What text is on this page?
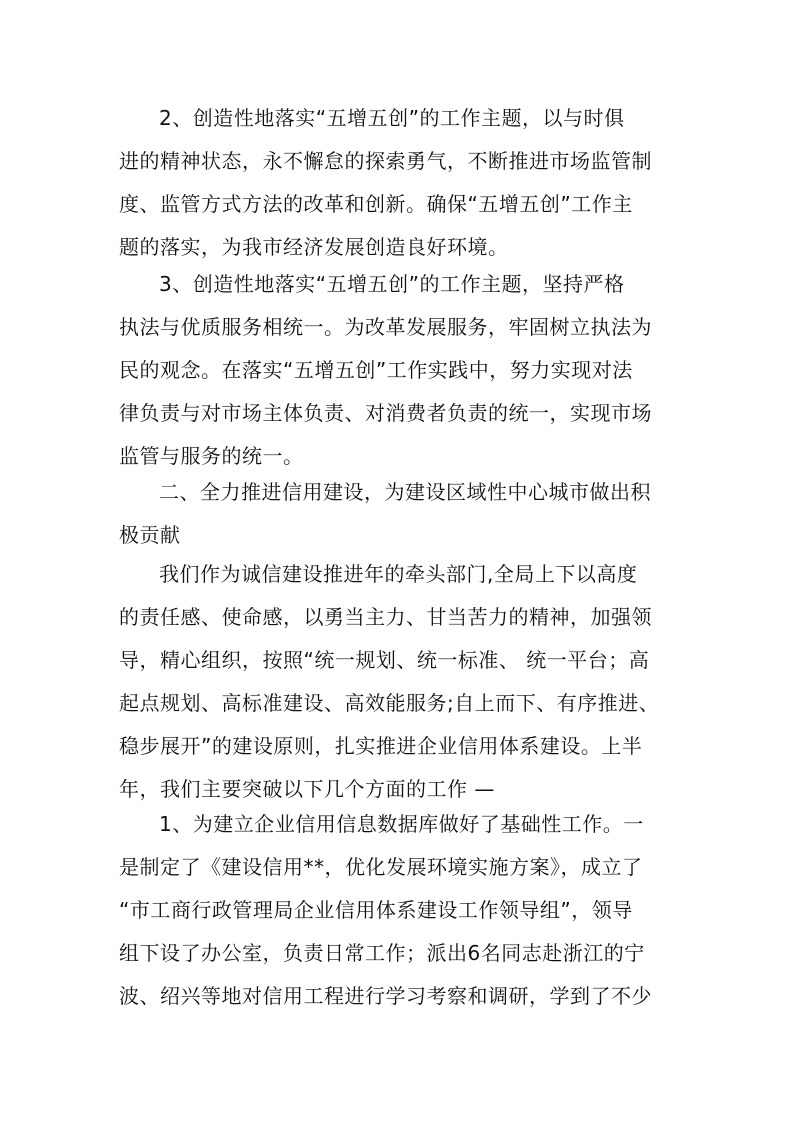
2、创造性地落实“五增五创”的工作主题，以与时俱
进的精神状态，永不懈怠的探索勇气，不断推进市场监管制
度、监管方式方法的改革和创新。确保“五增五创”工作主
题的落实，为我市经济发展创造良好环境。
3、创造性地落实“五增五创”的工作主题，坚持严格
执法与优质服务相统一。为改革发展服务，牢固树立执法为
民的观念。在落实“五增五创”工作实践中，努力实现对法
律负责与对市场主体负责、对消费者负责的统一，实现市场
监管与服务的统一。
二、全力推进信用建设，为建设区域性中心城市做出积
极贡献
我们作为诚信建设推进年的牵头部门,全局上下以高度
的责任感、使命感，以勇当主力、甘当苦力的精神，加强领
导，精心组织，按照“统一规划、统一标准、 统一平台；高
起点规划、高标准建设、高效能服务;自上而下、有序推进、
稳步展开”的建设原则，扎实推进企业信用体系建设。上半
年，我们主要突破以下几个方面的工作 —
1、为建立企业信用信息数据库做好了基础性工作。一
是制定了《建设信用**，优化发展环境实施方案》，成立了
“市工商行政管理局企业信用体系建设工作领导组”，领导
组下设了办公室，负责日常工作；派出6名同志赴浙江的宁
波、绍兴等地对信用工程进行学习考察和调研，学到了不少
